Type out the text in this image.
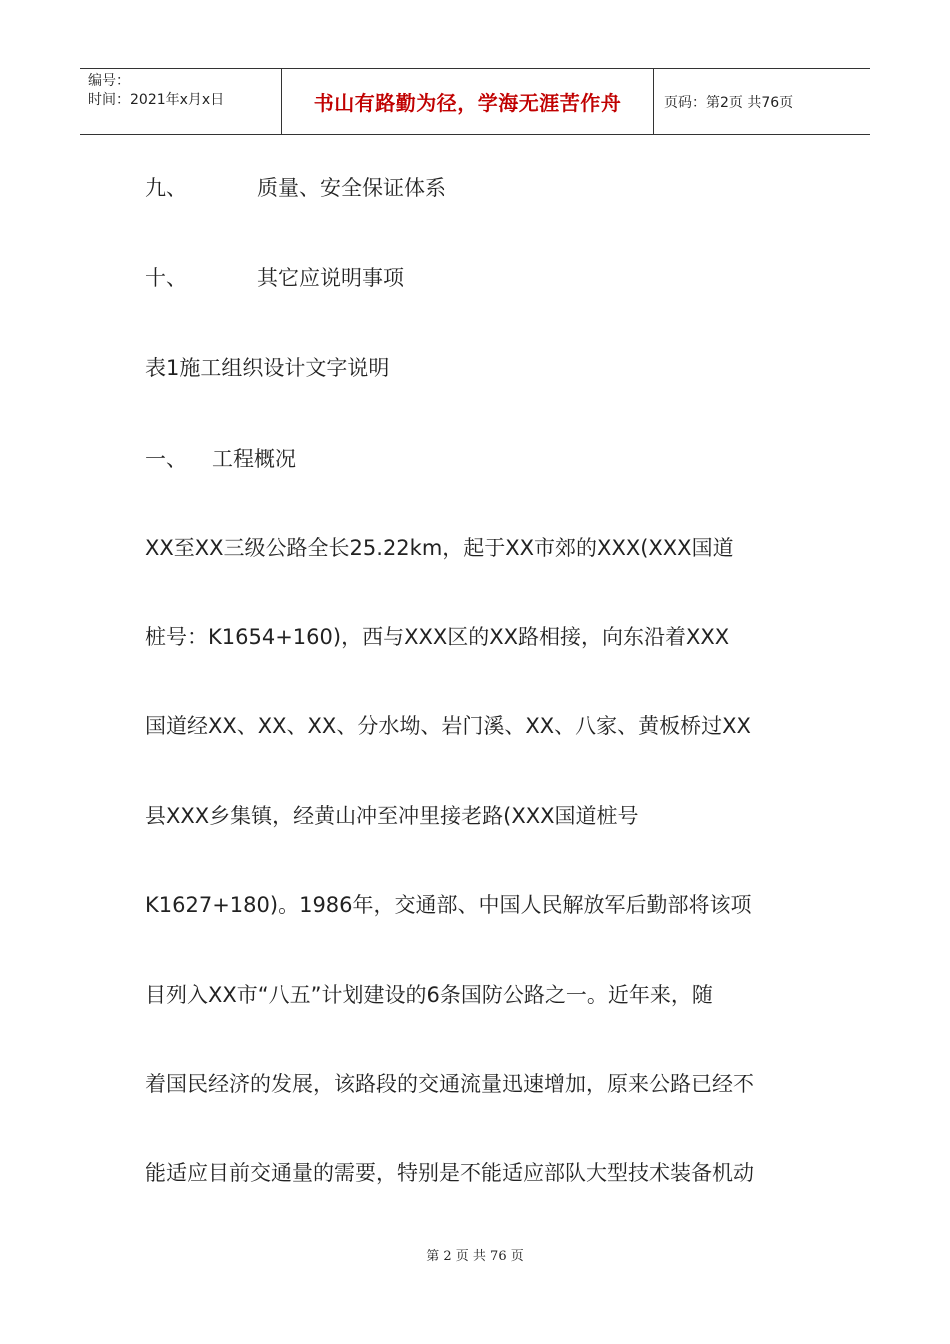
编号：
时间：2021年x月x日	书山有路勤为径，学海无涯苦作舟	页码：第2页 共76页
九、	质量、安全保证体系
十、	其它应说明事项
表1施工组织设计文字说明
一、	工程概况
XX至XX三级公路全长25.22km，起于XX市郊的XXX(XXX国道
桩号：K1654+160)，西与XXX区的XX路相接，向东沿着XXX
国道经XX、XX、XX、分水坳、岩门溪、XX、八家、黄板桥过XX
县XXX乡集镇，经黄山冲至冲里接老路(XXX国道桩号
K1627+180)。1986年，交通部、中国人民解放军后勤部将该项
目列入XX市“八五”计划建设的6条国防公路之一。近年来，随
着国民经济的发展，该路段的交通流量迅速增加，原来公路已经不
能适应目前交通量的需要，特别是不能适应部队大型技术装备机动
第 2 页 共 76 页
